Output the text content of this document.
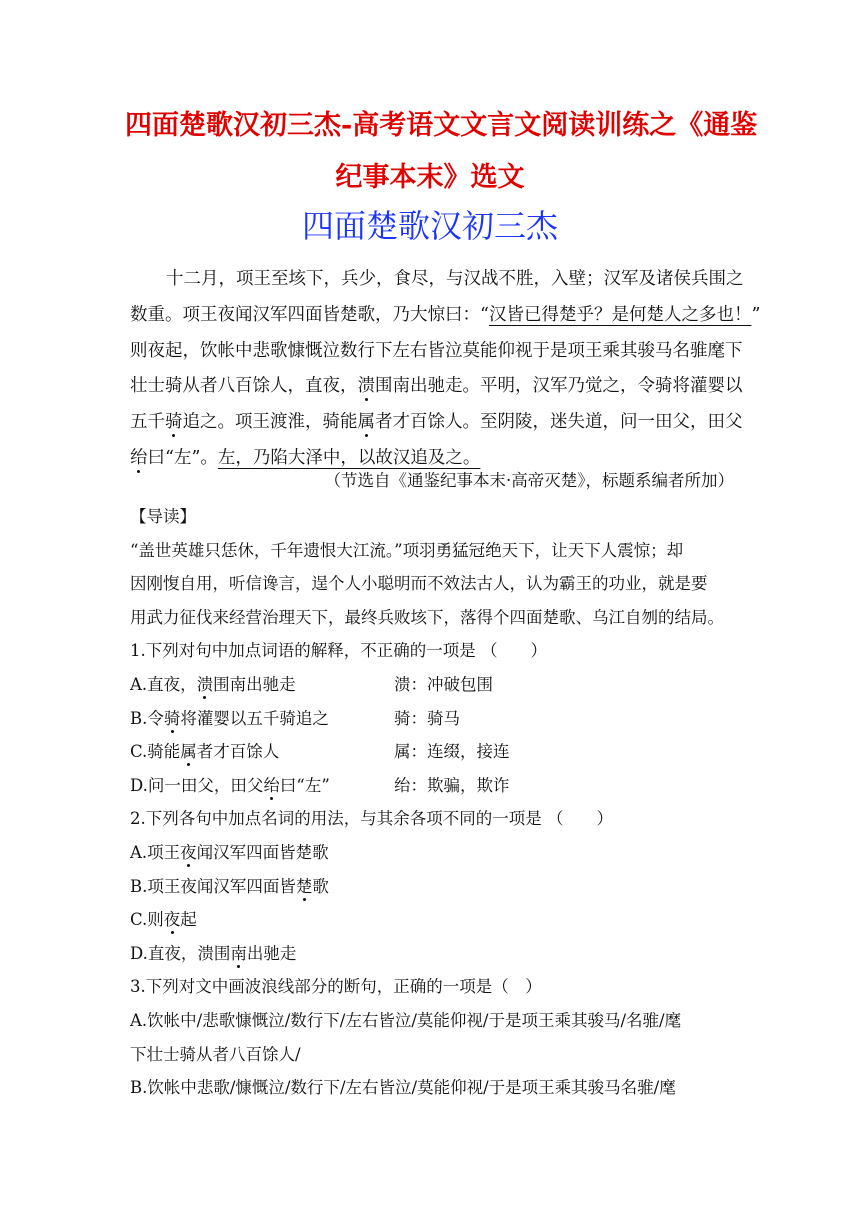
四面楚歌汉初三杰-高考语文文言文阅读训练之《通鉴
纪事本末》选文
四面楚歌汉初三杰
十二月，项王至垓下，兵少，食尽，与汉战不胜，入壁；汉军及诸侯兵围之
数重。项王夜闻汉军四面皆楚歌，乃大惊曰：“汉皆已得楚乎？是何楚人之多也！”
则夜起，饮帐中悲歌慷慨泣数行下左右皆泣莫能仰视于是项王乘其骏马名骓麾下
壮士骑从者八百馀人，直夜，溃围南出驰走。平明，汉军乃觉之，令骑将灌婴以
五千骑追之。项王渡淮，骑能属者才百馀人。至阴陵，迷失道，问一田父，田父
绐曰“左”。左，乃陷大泽中，以故汉追及之。
（节选自《通鉴纪事本末·高帝灭楚》，标题系编者所加）
【导读】
“盖世英雄只恁休，千年遗恨大江流。”项羽勇猛冠绝天下，让天下人震惊；却
因刚愎自用，听信谗言，逞个人小聪明而不效法古人，认为霸王的功业，就是要
用武力征伐来经营治理天下，最终兵败垓下，落得个四面楚歌、乌江自刎的结局。
1.下列对句中加点词语的解释，不正确的一项是 （　　）
A.直夜，溃围南出驰走	溃：冲破包围
B.令骑将灌婴以五千骑追之	骑：骑马
C.骑能属者才百馀人	属：连缀，接连
D.问一田父，田父绐曰“左”	绐：欺骗，欺诈
2.下列各句中加点名词的用法，与其余各项不同的一项是 （　　）
A.项王夜闻汉军四面皆楚歌
B.项王夜闻汉军四面皆楚歌
C.则夜起
D.直夜，溃围南出驰走
3.下列对文中画波浪线部分的断句，正确的一项是（　）
A.饮帐中/悲歌慷慨泣/数行下/左右皆泣/莫能仰视/于是项王乘其骏马/名骓/麾
下壮士骑从者八百馀人/
B.饮帐中悲歌/慷慨泣/数行下/左右皆泣/莫能仰视/于是项王乘其骏马名骓/麾
